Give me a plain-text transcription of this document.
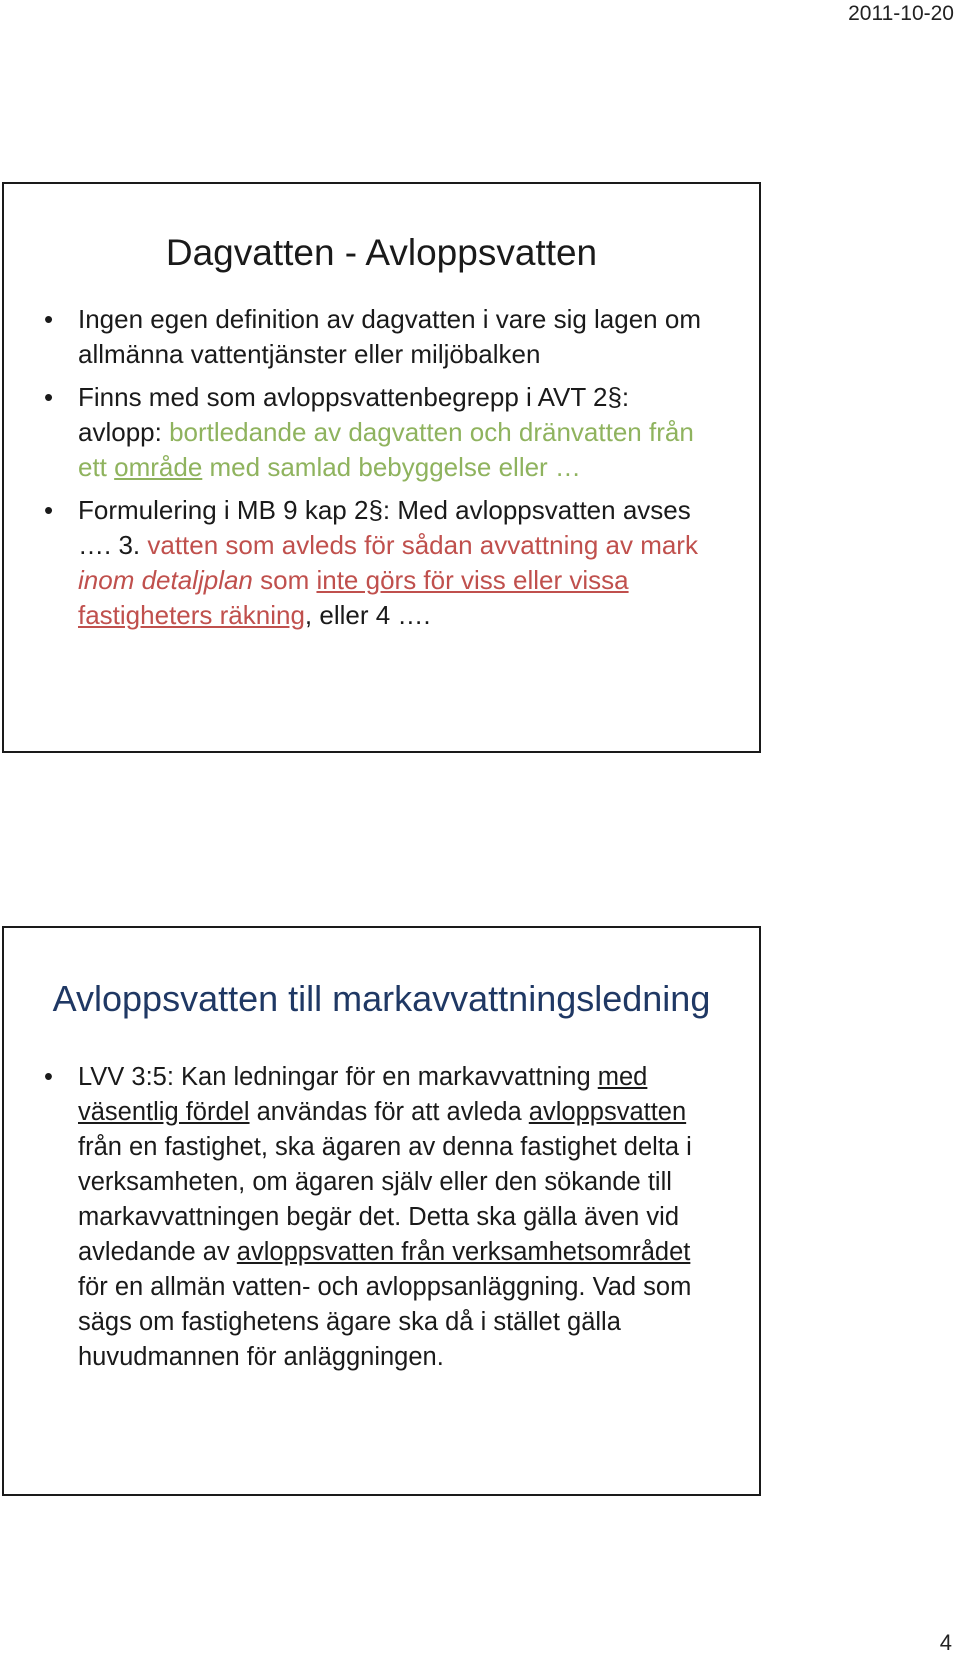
2011-10-20
Dagvatten - Avloppsvatten
• Ingen egen definition av dagvatten i vare sig lagen om allmänna vattentjänster eller miljöbalken
• Finns med som avloppsvattenbegrepp i AVT 2§: avlopp: bortledande av dagvatten och dränvatten från ett område med samlad bebyggelse eller …
• Formulering i MB 9 kap 2§: Med avloppsvatten avses …. 3. vatten som avleds för sådan avvattning av mark inom detaljplan som inte görs för viss eller vissa fastigheters räkning, eller 4 ….
Avloppsvatten till markavvattningsledning
• LVV 3:5: Kan ledningar för en markavvattning med väsentlig fördel användas för att avleda avloppsvatten från en fastighet, ska ägaren av denna fastighet delta i verksamheten, om ägaren själv eller den sökande till markavvattningen begär det. Detta ska gälla även vid avledande av avloppsvatten från verksamhetsområdet för en allmän vatten- och avloppsanläggning. Vad som sägs om fastighetens ägare ska då i stället gälla huvudmannen för anläggningen.
4
